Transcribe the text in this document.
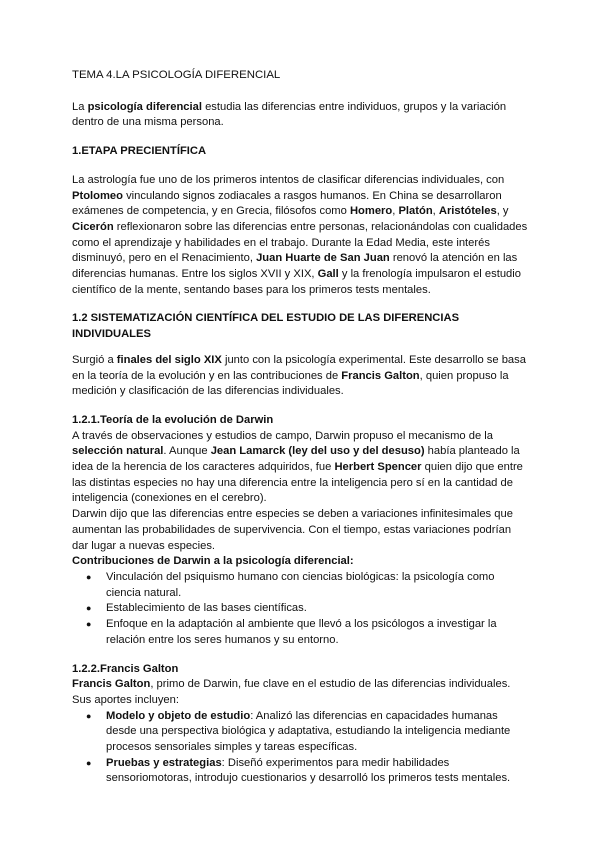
TEMA 4.LA PSICOLOGÍA DIFERENCIAL

La psicología diferencial estudia las diferencias entre individuos, grupos y la variación dentro de una misma persona.

1.ETAPA PRECIENTÍFICA

La astrología fue uno de los primeros intentos de clasificar diferencias individuales, con Ptolomeo vinculando signos zodiacales a rasgos humanos. En China se desarrollaron exámenes de competencia, y en Grecia, filósofos como Homero, Platón, Aristóteles, y Cicerón reflexionaron sobre las diferencias entre personas, relacionándolas con cualidades como el aprendizaje y habilidades en el trabajo. Durante la Edad Media, este interés disminuyó, pero en el Renacimiento, Juan Huarte de San Juan renovó la atención en las diferencias humanas. Entre los siglos XVII y XIX, Gall y la frenología impulsaron el estudio científico de la mente, sentando bases para los primeros tests mentales.

1.2 SISTEMATIZACIÓN CIENTÍFICA DEL ESTUDIO DE LAS DIFERENCIAS INDIVIDUALES

Surgió a finales del siglo XIX junto con la psicología experimental. Este desarrollo se basa en la teoría de la evolución y en las contribuciones de Francis Galton, quien propuso la medición y clasificación de las diferencias individuales.

1.2.1.Teoría de la evolución de Darwin

A través de observaciones y estudios de campo, Darwin propuso el mecanismo de la selección natural. Aunque Jean Lamarck (ley del uso y del desuso) había planteado la idea de la herencia de los caracteres adquiridos, fue Herbert Spencer quien dijo que entre las distintas especies no hay una diferencia entre la inteligencia pero sí en la cantidad de inteligencia (conexiones en el cerebro).

Darwin dijo que las diferencias entre especies se deben a variaciones infinitesimales que aumentan las probabilidades de supervivencia. Con el tiempo, estas variaciones podrían dar lugar a nuevas especies.

Contribuciones de Darwin a la psicología diferencial:

● Vinculación del psiquismo humano con ciencias biológicas: la psicología como ciencia natural.
● Establecimiento de las bases científicas.
● Enfoque en la adaptación al ambiente que llevó a los psicólogos a investigar la relación entre los seres humanos y su entorno.
1.2.2.Francis Galton

Francis Galton, primo de Darwin, fue clave en el estudio de las diferencias individuales. Sus aportes incluyen:

● Modelo y objeto de estudio: Analizó las diferencias en capacidades humanas desde una perspectiva biológica y adaptativa, estudiando la inteligencia mediante procesos sensoriales simples y tareas específicas.
● Pruebas y estrategias: Diseñó experimentos para medir habilidades sensoriomotoras, introdujo cuestionarios y desarrolló los primeros tests mentales.
